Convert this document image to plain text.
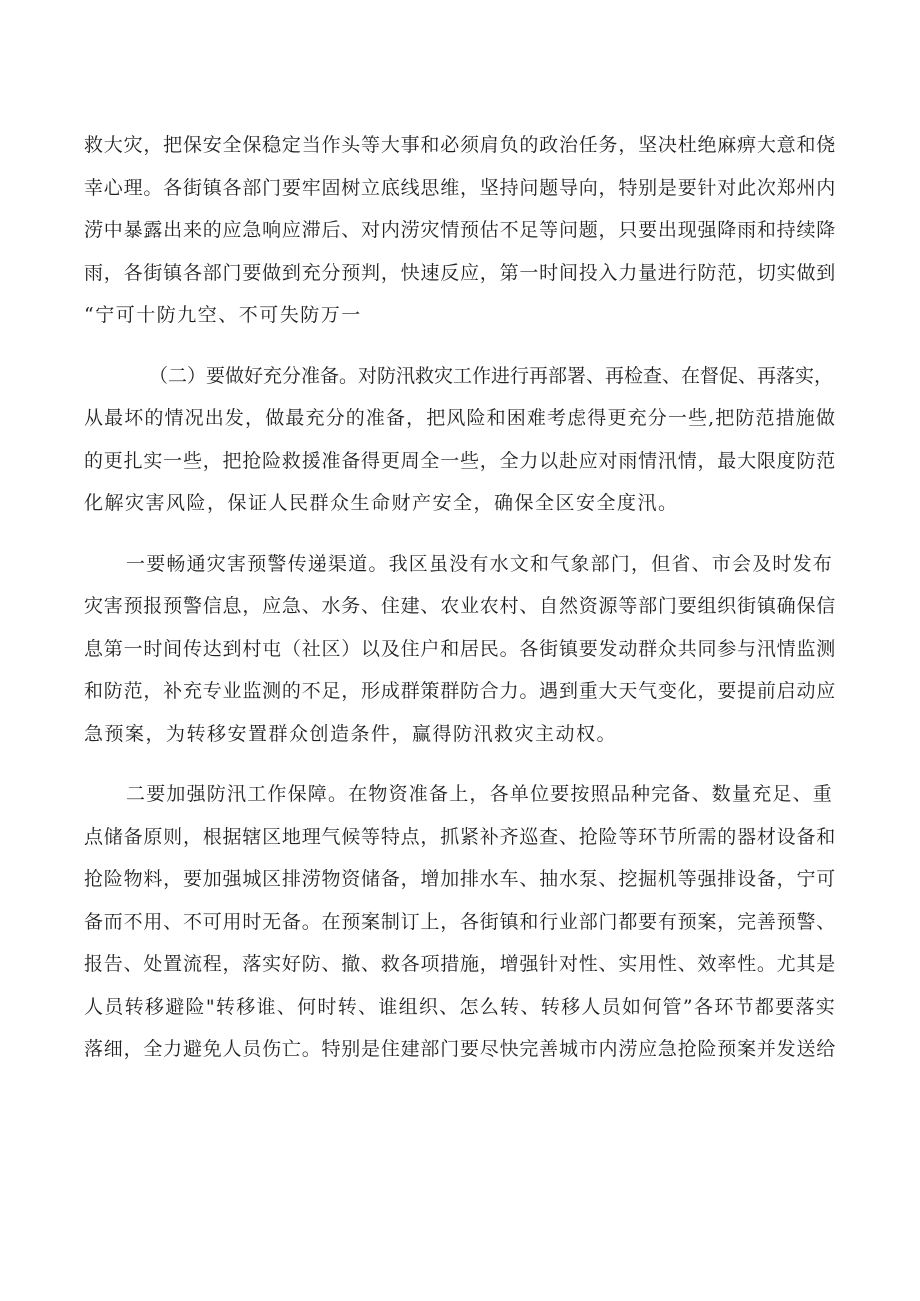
救大灾，把保安全保稳定当作头等大事和必须肩负的政治任务，坚决杜绝麻痹大意和侥
幸心理。各街镇各部门要牢固树立底线思维，坚持问题导向，特别是要针对此次郑州内
涝中暴露出来的应急响应滞后、对内涝灾情预估不足等问题，只要出现强降雨和持续降
雨，各街镇各部门要做到充分预判，快速反应，第一时间投入力量进行防范，切实做到
“宁可十防九空、不可失防万一
（二）要做好充分准备。对防汛救灾工作进行再部署、再检查、在督促、再落实，
从最坏的情况出发，做最充分的准备，把风险和困难考虑得更充分一些,把防范措施做
的更扎实一些，把抢险救援准备得更周全一些，全力以赴应对雨情汛情，最大限度防范
化解灾害风险，保证人民群众生命财产安全，确保全区安全度汛。
一要畅通灾害预警传递渠道。我区虽没有水文和气象部门，但省、市会及时发布
灾害预报预警信息，应急、水务、住建、农业农村、自然资源等部门要组织街镇确保信
息第一时间传达到村屯（社区）以及住户和居民。各街镇要发动群众共同参与汛情监测
和防范，补充专业监测的不足，形成群策群防合力。遇到重大天气变化，要提前启动应
急预案，为转移安置群众创造条件，赢得防汛救灾主动权。
二要加强防汛工作保障。在物资准备上，各单位要按照品种完备、数量充足、重
点储备原则，根据辖区地理气候等特点，抓紧补齐巡查、抢险等环节所需的器材设备和
抢险物料，要加强城区排涝物资储备，增加排水车、抽水泵、挖掘机等强排设备，宁可
备而不用、不可用时无备。在预案制订上，各街镇和行业部门都要有预案，完善预警、
报告、处置流程，落实好防、撤、救各项措施，增强针对性、实用性、效率性。尤其是
人员转移避险"转移谁、何时转、谁组织、怎么转、转移人员如何管”各环节都要落实
落细，全力避免人员伤亡。特别是住建部门要尽快完善城市内涝应急抢险预案并发送给
